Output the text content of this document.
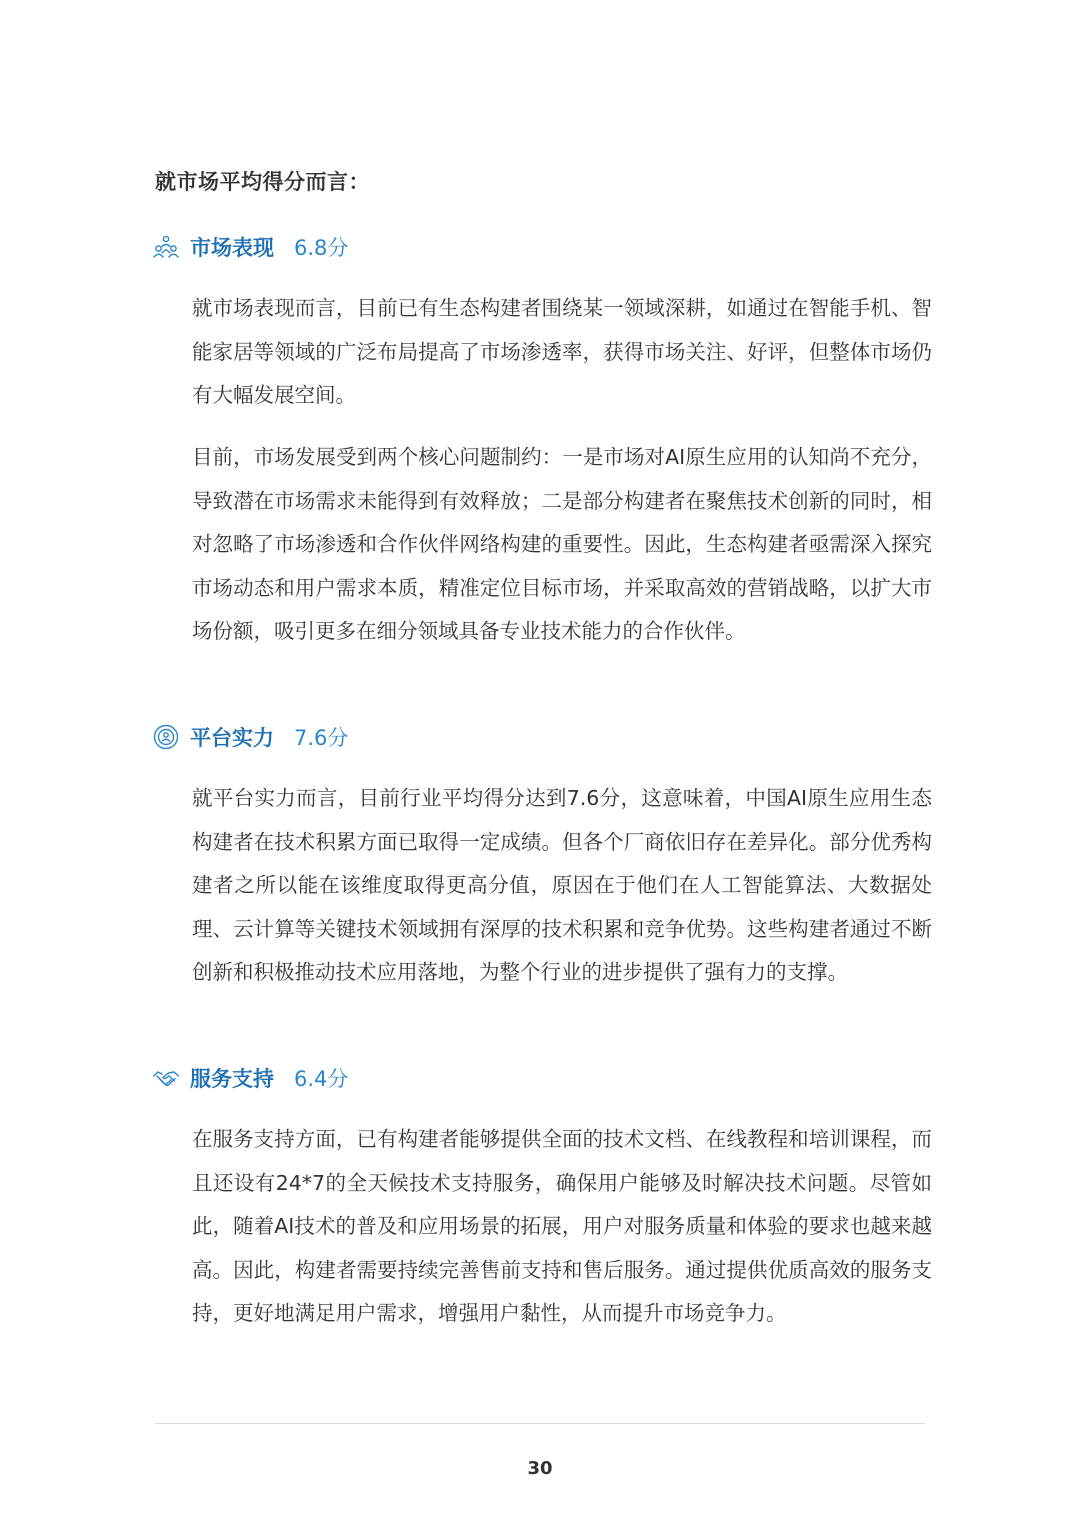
就市场平均得分而言：
市场表现 6.8分

就市场表现而言，目前已有生态构建者围绕某一领域深耕，如通过在智能手机、智能家居等领域的广泛布局提高了市场渗透率，获得市场关注、好评，但整体市场仍有大幅发展空间。

目前，市场发展受到两个核心问题制约：一是市场对AI原生应用的认知尚不充分，导致潜在市场需求未能得到有效释放；二是部分构建者在聚焦技术创新的同时，相对忽略了市场渗透和合作伙伴网络构建的重要性。因此，生态构建者亟需深入探究市场动态和用户需求本质，精准定位目标市场，并采取高效的营销战略，以扩大市场份额，吸引更多在细分领域具备专业技术能力的合作伙伴。

平台实力 7.6分

就平台实力而言，目前行业平均得分达到7.6分，这意味着，中国AI原生应用生态构建者在技术积累方面已取得一定成绩。但各个厂商依旧存在差异化。部分优秀构建者之所以能在该维度取得更高分值，原因在于他们在人工智能算法、大数据处理、云计算等关键技术领域拥有深厚的技术积累和竞争优势。这些构建者通过不断创新和积极推动技术应用落地，为整个行业的进步提供了强有力的支撑。

服务支持 6.4分

在服务支持方面，已有构建者能够提供全面的技术文档、在线教程和培训课程，而且还设有24*7的全天候技术支持服务，确保用户能够及时解决技术问题。尽管如此，随着AI技术的普及和应用场景的拓展，用户对服务质量和体验的要求也越来越高。因此，构建者需要持续完善售前支持和售后服务。通过提供优质高效的服务支持，更好地满足用户需求，增强用户黏性，从而提升市场竞争力。

30
